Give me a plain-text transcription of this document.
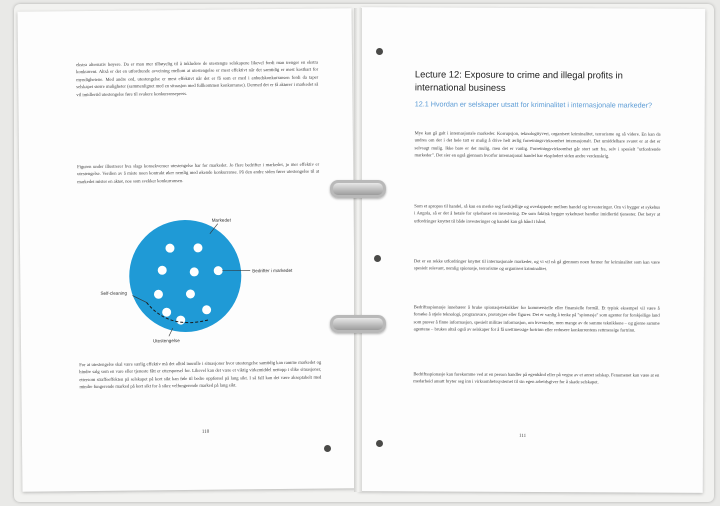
ekstra alternativ høyere. Da er man mer tilbøyelig til å inkludere de utestengte selskapene likevel fordi man trenger en ekstra konkurrent. Altså er det en utfordrende avveining mellom at utestengelse er mest effektivt når det samtidig er mest kostbart for myndighetene. Med andre ord, utestengelse er mest effektivt når det er få som er med i anbudskonkurransen fordi da taper selskapet større muligheter (sammenlignet med en situasjon med fullkommen konkurranse). Dermed det er få aktører i markedet så vil imidlertid utestengelse føre til svakere konkurransepress.

Figuren under illustrerer hva slags konsekvenser utestengelse har for markedet. Jo flere bedrifter i markedet, jo mer effektiv er utestengelse. Verdien av å miste noen kontrakt øker nemlig med økende konkurranse. På den andre siden fører utestengelse til at markedet mister en aktør, noe som svekker konkurransen.

Markedet
Bedrifter i markedet
Self-cleaning
Utestengelse

For at utestengelse skal være særlig effektiv må det alltid innrulle i situasjoner hvor utestengelse samtidig kan ramme markedet og hindre salg som en vare eller tjeneste fått er etterspørsel for. Likevel kan det være et viktig virkemiddel nettopp i slike situasjoner, ettersom straffeeffekten på selskapet på kort sikt kan føle til bedre oppførsel på lang sikt. I så fall kan det være akseptabelt med mindre fungerende marked på kort sikt for å sikre velfungerende marked på lang sikt.

110
Lecture 12: Exposure to crime and illegal profits in international business
12.1 Hvordan er selskaper utsatt for kriminalitet i internasjonale markeder?

Mye kan gå galt i internasjonale markeder. Korrupsjon, teknologityveri, organisert kriminalitet, terrorisme og så videre. En kan da undres om det i det hele tatt er mulig å drive helt ærlig forretningsvirksomhet internasjonalt. Det umiddelbare svaret er at det er selvsagt mulig. Ikke bare er det mulig, men det er vanlig. Forretningsvirksomhet går stort sett fra, selv i spesielt "utfordrende markeder". Det sier en også gjennom hvorfor internasjonal handel har eksplodert siden andre verdenskrig.

Som et apropos til handel, så kan en merke seg forskjellige og overlappede mellom handel og investeringer. Om vi bygger et sykehus i Angola, så er det å betale for sykehuset en investering. De som faktisk bygger sykehuset handler imidlertid tjenester. Det betyr at utfordringer knyttet til både investeringer og handel kan gå hånd i hånd.

Det er en rekke utfordringer knyttet til internasjonale markeder, og vi vil nå gå gjennom noen former for kriminalitet som kan være spesielt relevant, nemlig spionasje, terrorisme og organisert kriminalitet.

Bedriftsspionasje innebærer å bruke spionasjeteknikker for kommersielle eller finansielle formål. Et typisk eksempel vil være å forsøke å stjele teknologi, programvare, prototyper eller figurer. Det er vanlig å tenke på "spionasje" som agenter for forskjellige land som prøver å finne informasjon, spesielt militær informasjon, om hverandre, men mange av de samme teknikkene – og gjerne samme agentene – brukes altså også av selskaper for å få urettmessige fortrinn eller redusere konkurrentens rettmessige fortrinn.

Bedriftsspionasje kan forekomme ved at en person handler på egenhånd eller på vegne av et annet selskap. Fenomenet kan være at en medarbeid ansatt bryter seg inn i virksomhetssystemet til sin egen arbeidsgiver for å skade selskapet.

111
